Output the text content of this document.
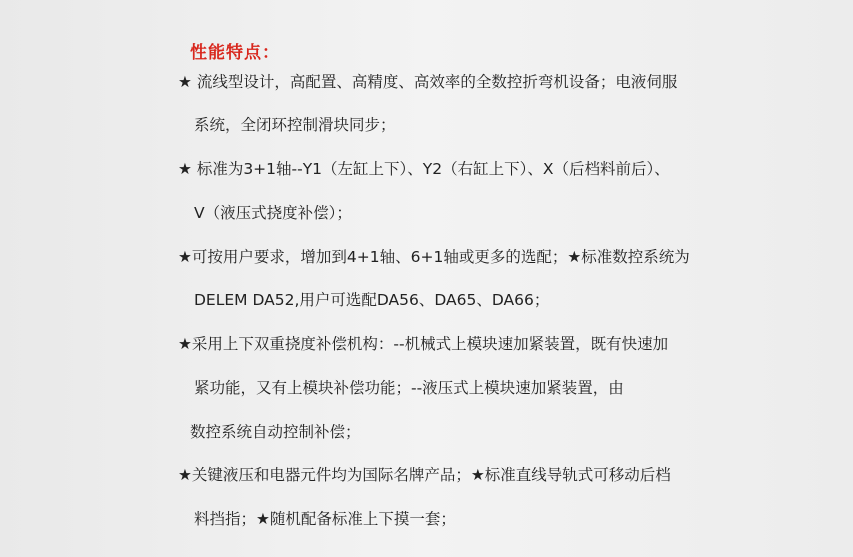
性能特点：
★ 流线型设计，高配置、高精度、高效率的全数控折弯机设备；电液伺服
系统，全闭环控制滑块同步；
★ 标准为3+1轴--Y1（左缸上下）、Y2（右缸上下）、X（后档料前后）、
V（液压式挠度补偿）；
★可按用户要求，增加到4+1轴、6+1轴或更多的选配；★标准数控系统为
DELEM DA52,用户可选配DA56、DA65、DA66；
★采用上下双重挠度补偿机构：--机械式上模块速加紧装置，既有快速加
紧功能，又有上模块补偿功能；--液压式上模块速加紧装置，由
数控系统自动控制补偿；
★关键液压和电器元件均为国际名牌产品；★标准直线导轨式可移动后档
料挡指；★随机配备标准上下摸一套；
